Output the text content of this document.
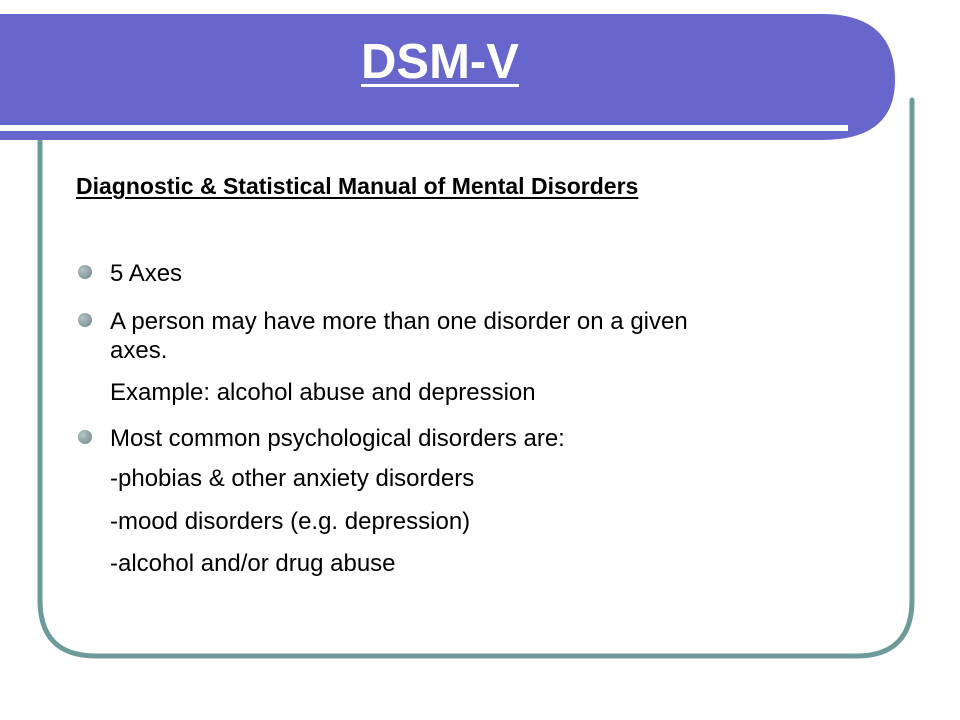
DSM-V
Diagnostic & Statistical Manual of Mental Disorders
5 Axes
A person may have more than one disorder on a given
axes.
Example: alcohol abuse and depression
Most common psychological disorders are:
-phobias & other anxiety disorders
-mood disorders (e.g. depression)
-alcohol and/or drug abuse
